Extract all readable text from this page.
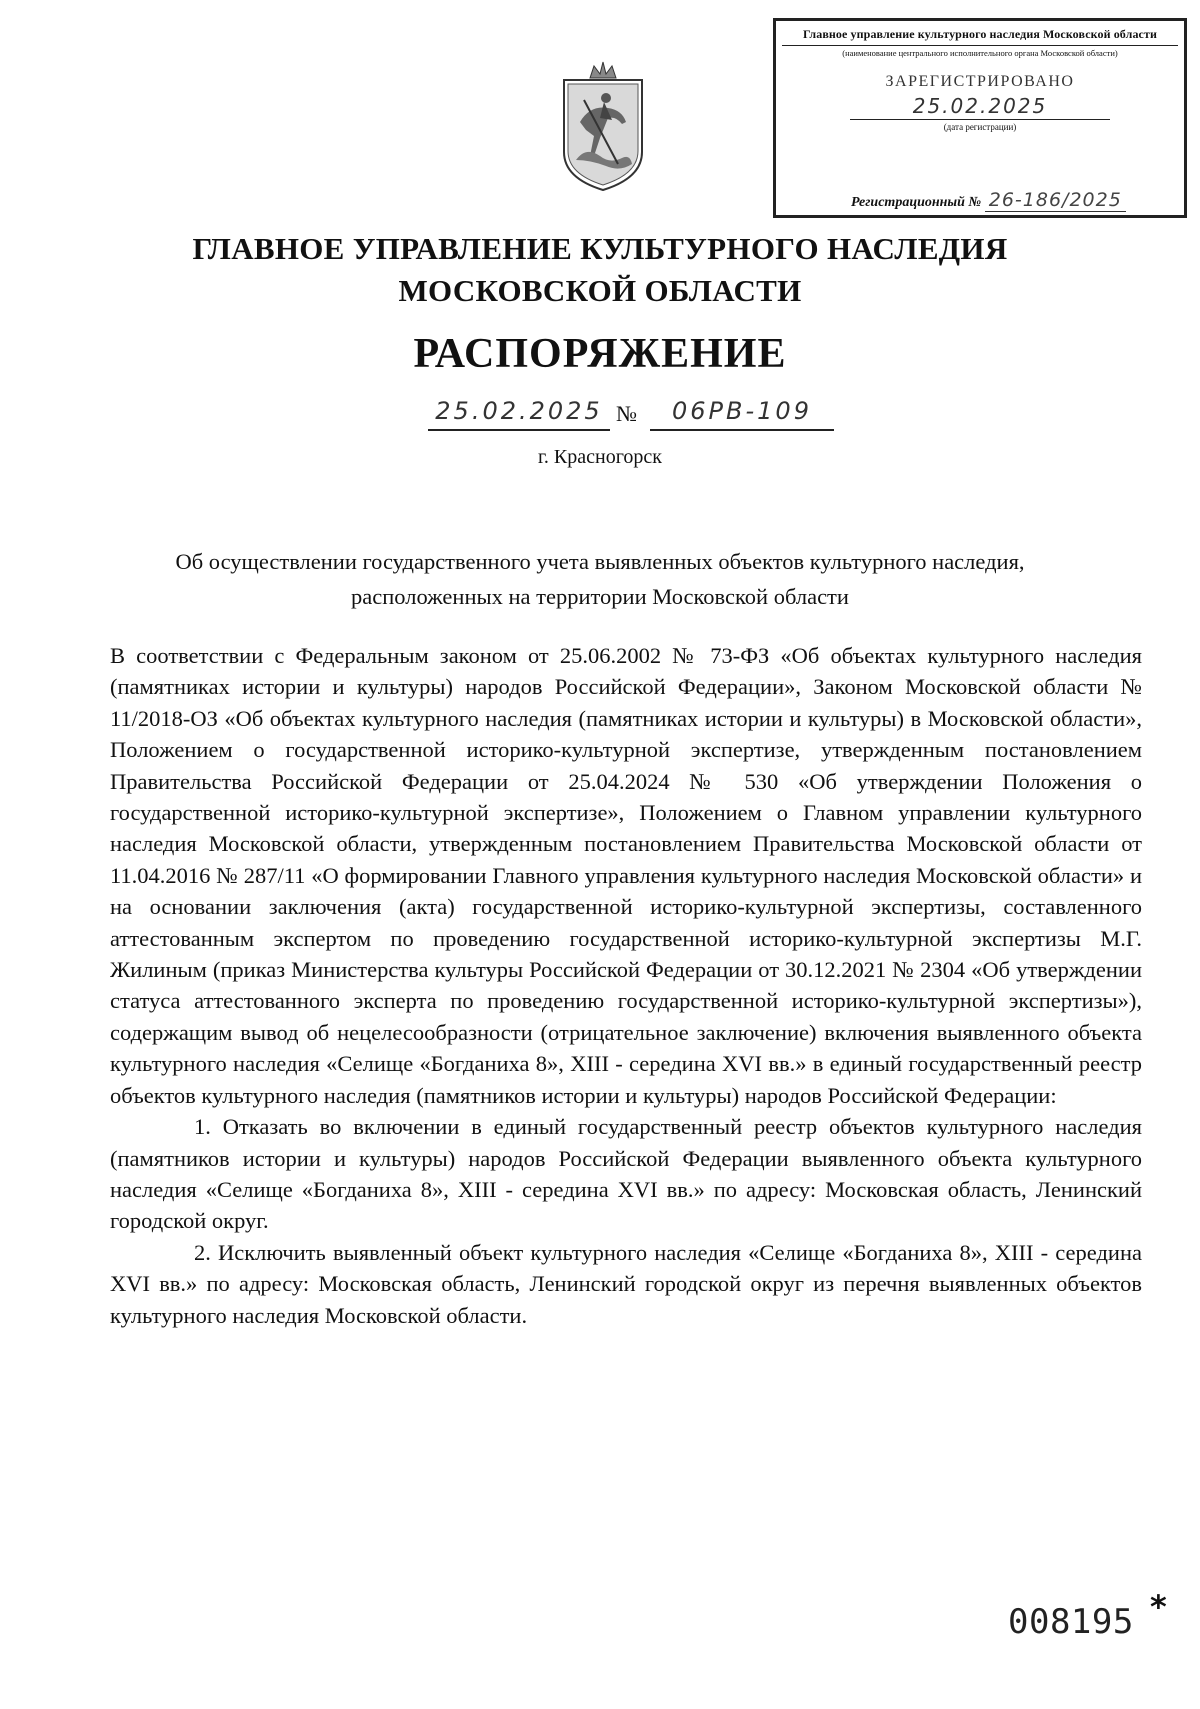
Главное управление культурного наследия Московской области
(наименование центрального исполнительного органа Московской области)
ЗАРЕГИСТРИРОВАНО
25.02.2025
(дата регистрации)
Регистрационный № 26-186/2025
ГЛАВНОЕ УПРАВЛЕНИЕ КУЛЬТУРНОГО НАСЛЕДИЯ
МОСКОВСКОЙ ОБЛАСТИ
РАСПОРЯЖЕНИЕ
25.02.2025 №	06РВ-109
г. Красногорск
Об осуществлении государственного учета выявленных объектов культурного наследия, расположенных на территории Московской области

В соответствии с Федеральным законом от 25.06.2002 № 73-ФЗ «Об объектах культурного наследия (памятниках истории и культуры) народов Российской Федерации», Законом Московской области № 11/2018-ОЗ «Об объектах культурного наследия (памятниках истории и культуры) в Московской области», Положением о государственной историко-культурной экспертизе, утвержденным постановлением Правительства Российской Федерации от 25.04.2024 № 530 «Об утверждении Положения о государственной историко-культурной экспертизе», Положением о Главном управлении культурного наследия Московской области, утвержденным постановлением Правительства Московской области от 11.04.2016 № 287/11 «О формировании Главного управления культурного наследия Московской области» и на основании заключения (акта) государственной историко-культурной экспертизы, составленного аттестованным экспертом по проведению государственной историко-культурной экспертизы М.Г. Жилиным (приказ Министерства культуры Российской Федерации от 30.12.2021 № 2304 «Об утверждении статуса аттестованного эксперта по проведению государственной историко-культурной экспертизы»), содержащим вывод об нецелесообразности (отрицательное заключение) включения выявленного объекта культурного наследия «Селище «Богданиха 8», XIII - середина XVI вв.» в единый государственный реестр объектов культурного наследия (памятников истории и культуры) народов Российской Федерации:

1. Отказать во включении в единый государственный реестр объектов культурного наследия (памятников истории и культуры) народов Российской Федерации выявленного объекта культурного наследия «Селище «Богданиха 8», XIII - середина XVI вв.» по адресу: Московская область, Ленинский городской округ.

2. Исключить выявленный объект культурного наследия «Селище «Богданиха 8», XIII - середина XVI вв.» по адресу: Московская область, Ленинский городской округ из перечня выявленных объектов культурного наследия Московской области.

008195 *
